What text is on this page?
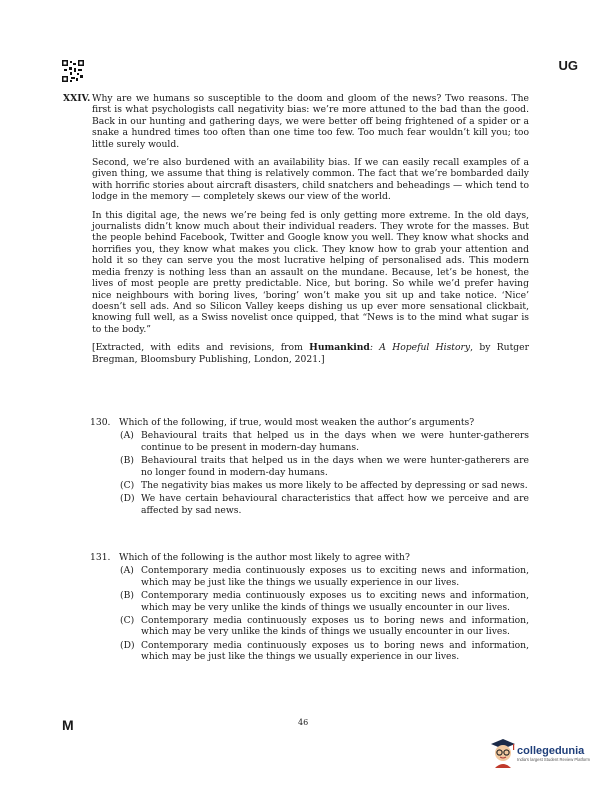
UG

XXIV. Why are we humans so susceptible to the doom and gloom of the news? Two reasons. The first is what psychologists call negativity bias: we’re more attuned to the bad than the good. Back in our hunting and gathering days, we were better off being frightened of a spider or a snake a hundred times too often than one time too few. Too much fear wouldn’t kill you; too little surely would.

Second, we’re also burdened with an availability bias. If we can easily recall examples of a given thing, we assume that thing is relatively common. The fact that we’re bombarded daily with horrific stories about aircraft disasters, child snatchers and beheadings — which tend to lodge in the memory — completely skews our view of the world.

In this digital age, the news we’re being fed is only getting more extreme. In the old days, journalists didn’t know much about their individual readers. They wrote for the masses. But the people behind Facebook, Twitter and Google know you well. They know what shocks and horrifies you, they know what makes you click. They know how to grab your attention and hold it so they can serve you the most lucrative helping of personalised ads. This modern media frenzy is nothing less than an assault on the mundane. Because, let’s be honest, the lives of most people are pretty predictable. Nice, but boring. So while we’d prefer having nice neighbours with boring lives, ‘boring’ won’t make you sit up and take notice. ‘Nice’ doesn’t sell ads. And so Silicon Valley keeps dishing us up ever more sensational clickbait, knowing full well, as a Swiss novelist once quipped, that “News is to the mind what sugar is to the body.”

[Extracted, with edits and revisions, from Humankind: A Hopeful History, by Rutger Bregman, Bloomsbury Publishing, London, 2021.]

130. Which of the following, if true, would most weaken the author’s arguments?
(A) Behavioural traits that helped us in the days when we were hunter-gatherers continue to be present in modern-day humans.
(B) Behavioural traits that helped us in the days when we were hunter-gatherers are no longer found in modern-day humans.
(C) The negativity bias makes us more likely to be affected by depressing or sad news.
(D) We have certain behavioural characteristics that affect how we perceive and are affected by sad news.
131. Which of the following is the author most likely to agree with?
(A) Contemporary media continuously exposes us to exciting news and information, which may be just like the things we usually experience in our lives.
(B) Contemporary media continuously exposes us to exciting news and information, which may be very unlike the kinds of things we usually encounter in our lives.
(C) Contemporary media continuously exposes us to boring news and information, which may be very unlike the kinds of things we usually encounter in our lives.
(D) Contemporary media continuously exposes us to boring news and information, which may be just like the things we usually experience in our lives.
M	46
collegedunia
India's largest Student Review Platform
